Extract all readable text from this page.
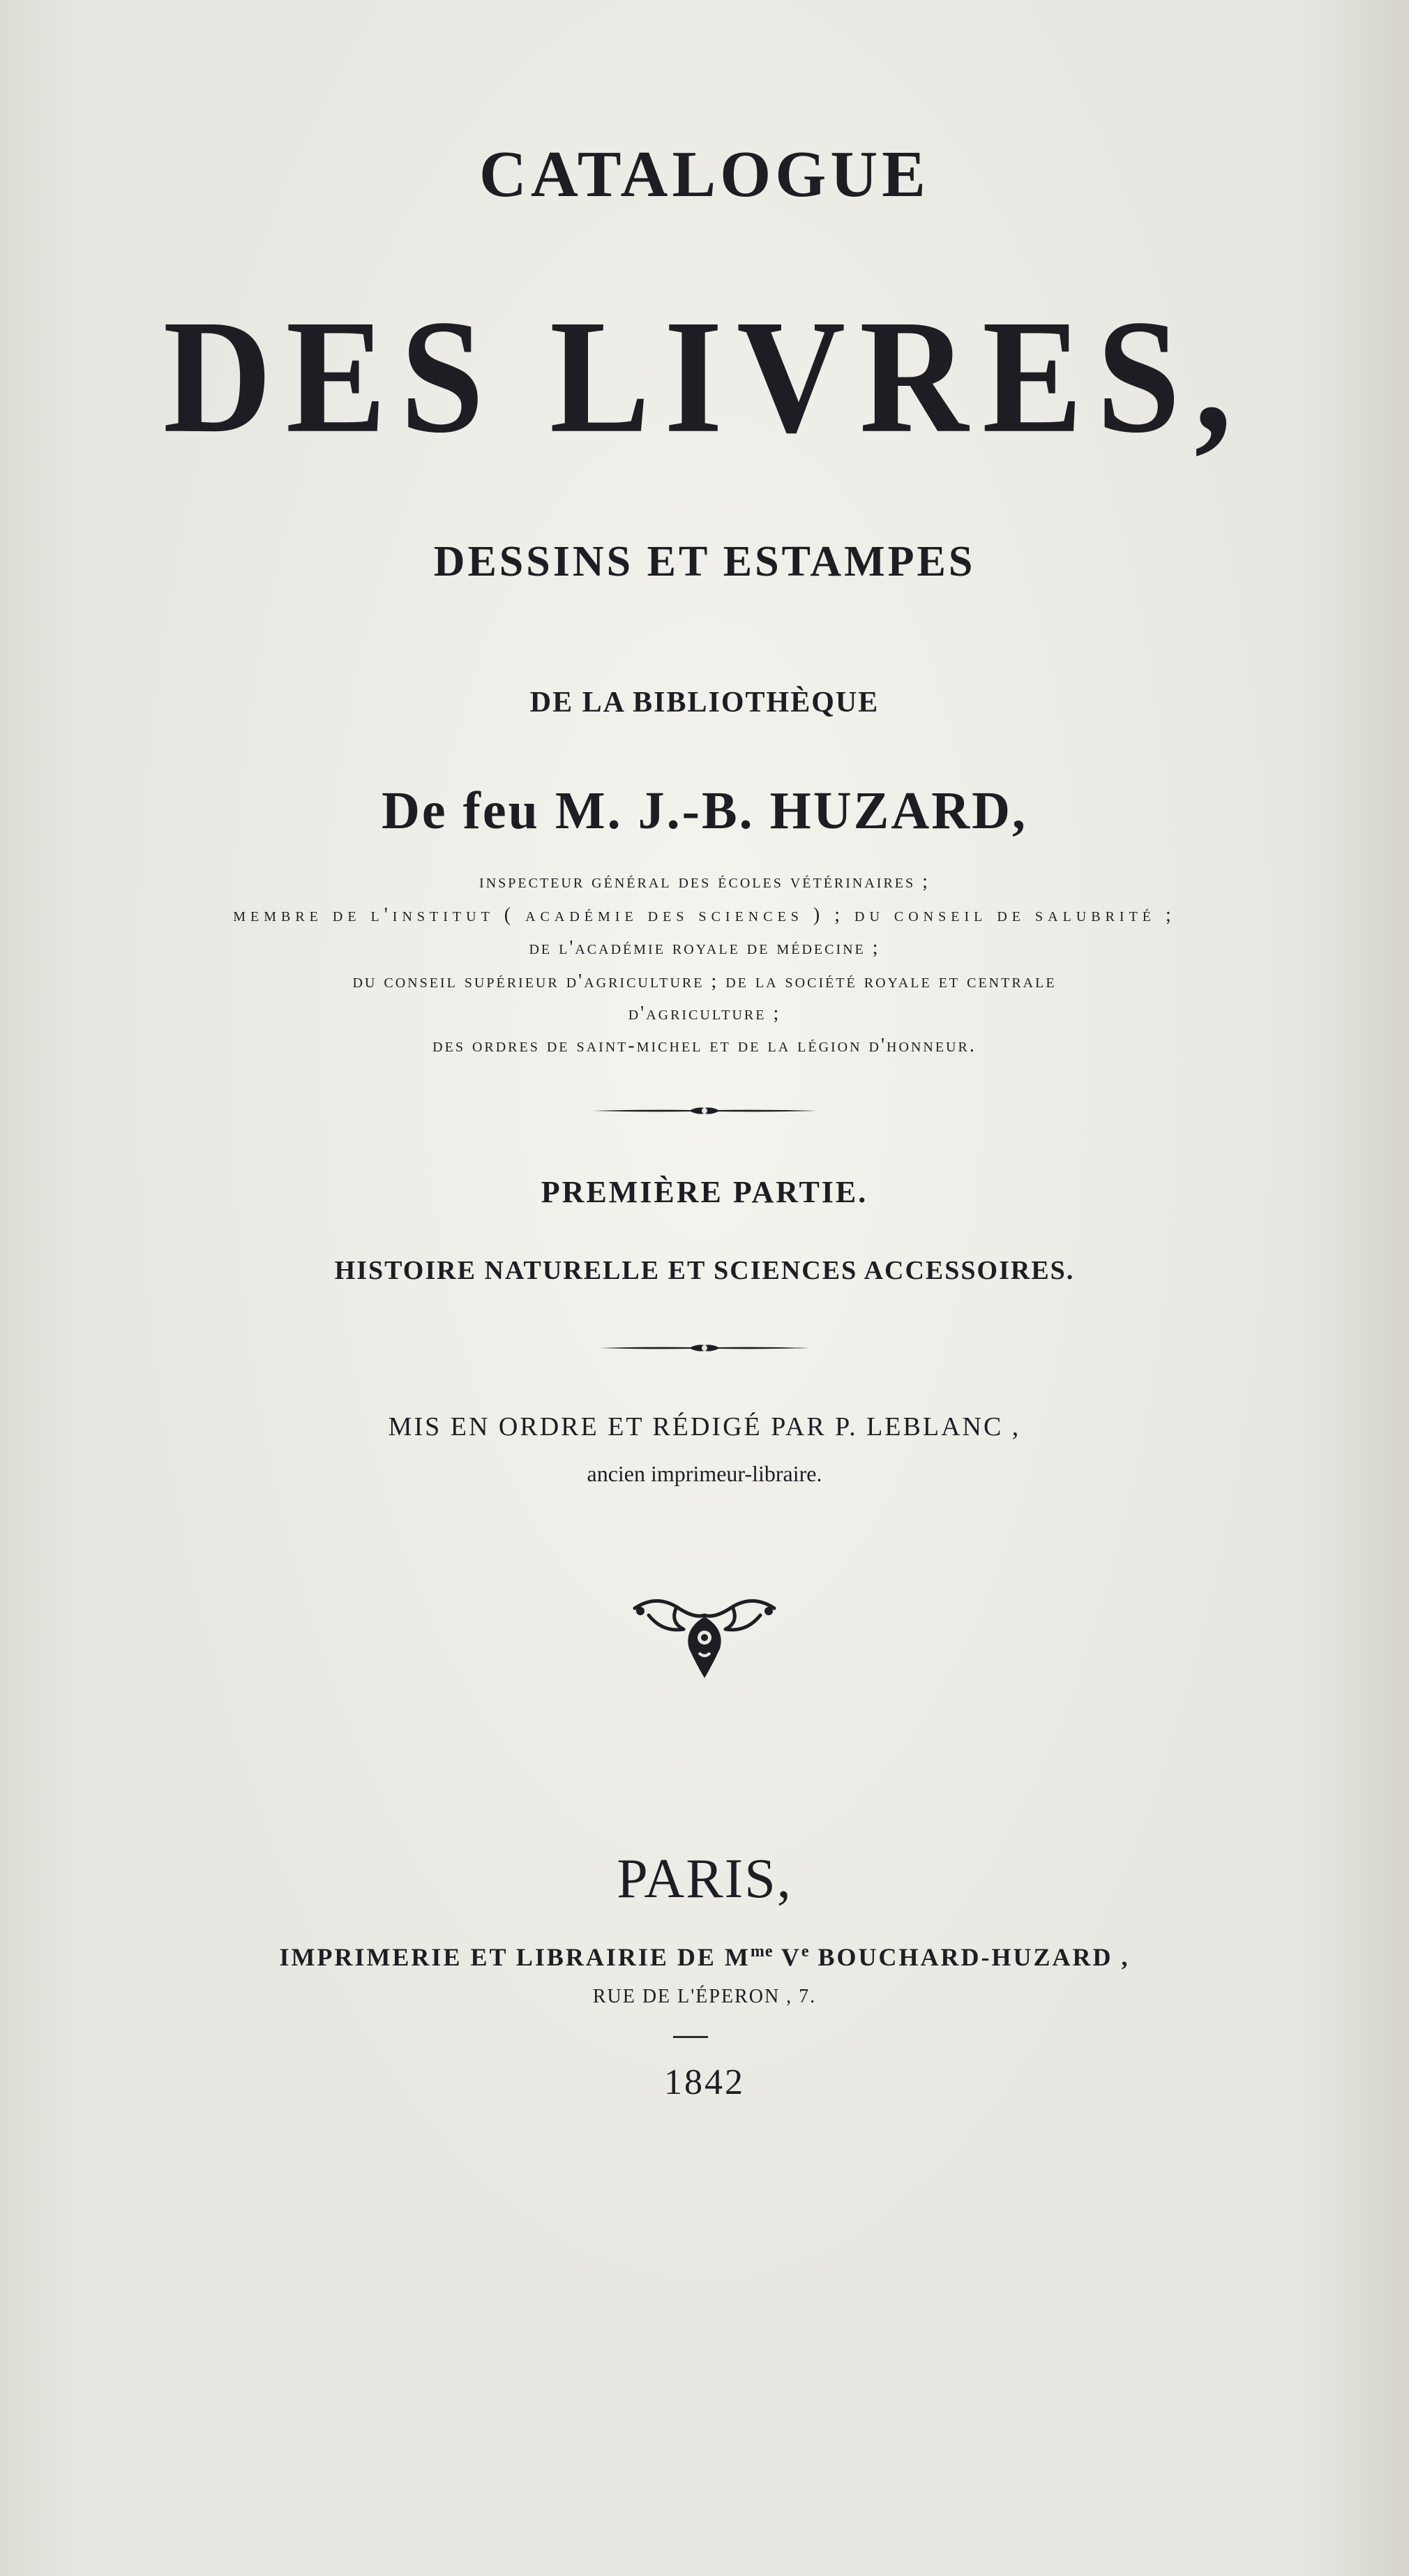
CATALOGUE

DES LIVRES,

DESSINS ET ESTAMPES

DE LA BIBLIOTHÈQUE

De feu M. J.-B. HUZARD,

inspecteur général des écoles vétérinaires ;

membre de l'institut ( académie des sciences ) ; du conseil de salubrité ;

de l'académie royale de médecine ;

du conseil supérieur d'agriculture ; de la société royale et centrale

d'agriculture ;

des ordres de saint-michel et de la légion d'honneur.

PREMIÈRE PARTIE.

HISTOIRE NATURELLE ET SCIENCES ACCESSOIRES.

MIS EN ORDRE ET RÉDIGÉ PAR P. LEBLANC ,

ancien imprimeur-libraire.

PARIS,

IMPRIMERIE ET LIBRAIRIE DE $M^{me}$ Ve BOUCHARD-HUZARD ,

RUE DE L'ÉPERON , 7.

1842
